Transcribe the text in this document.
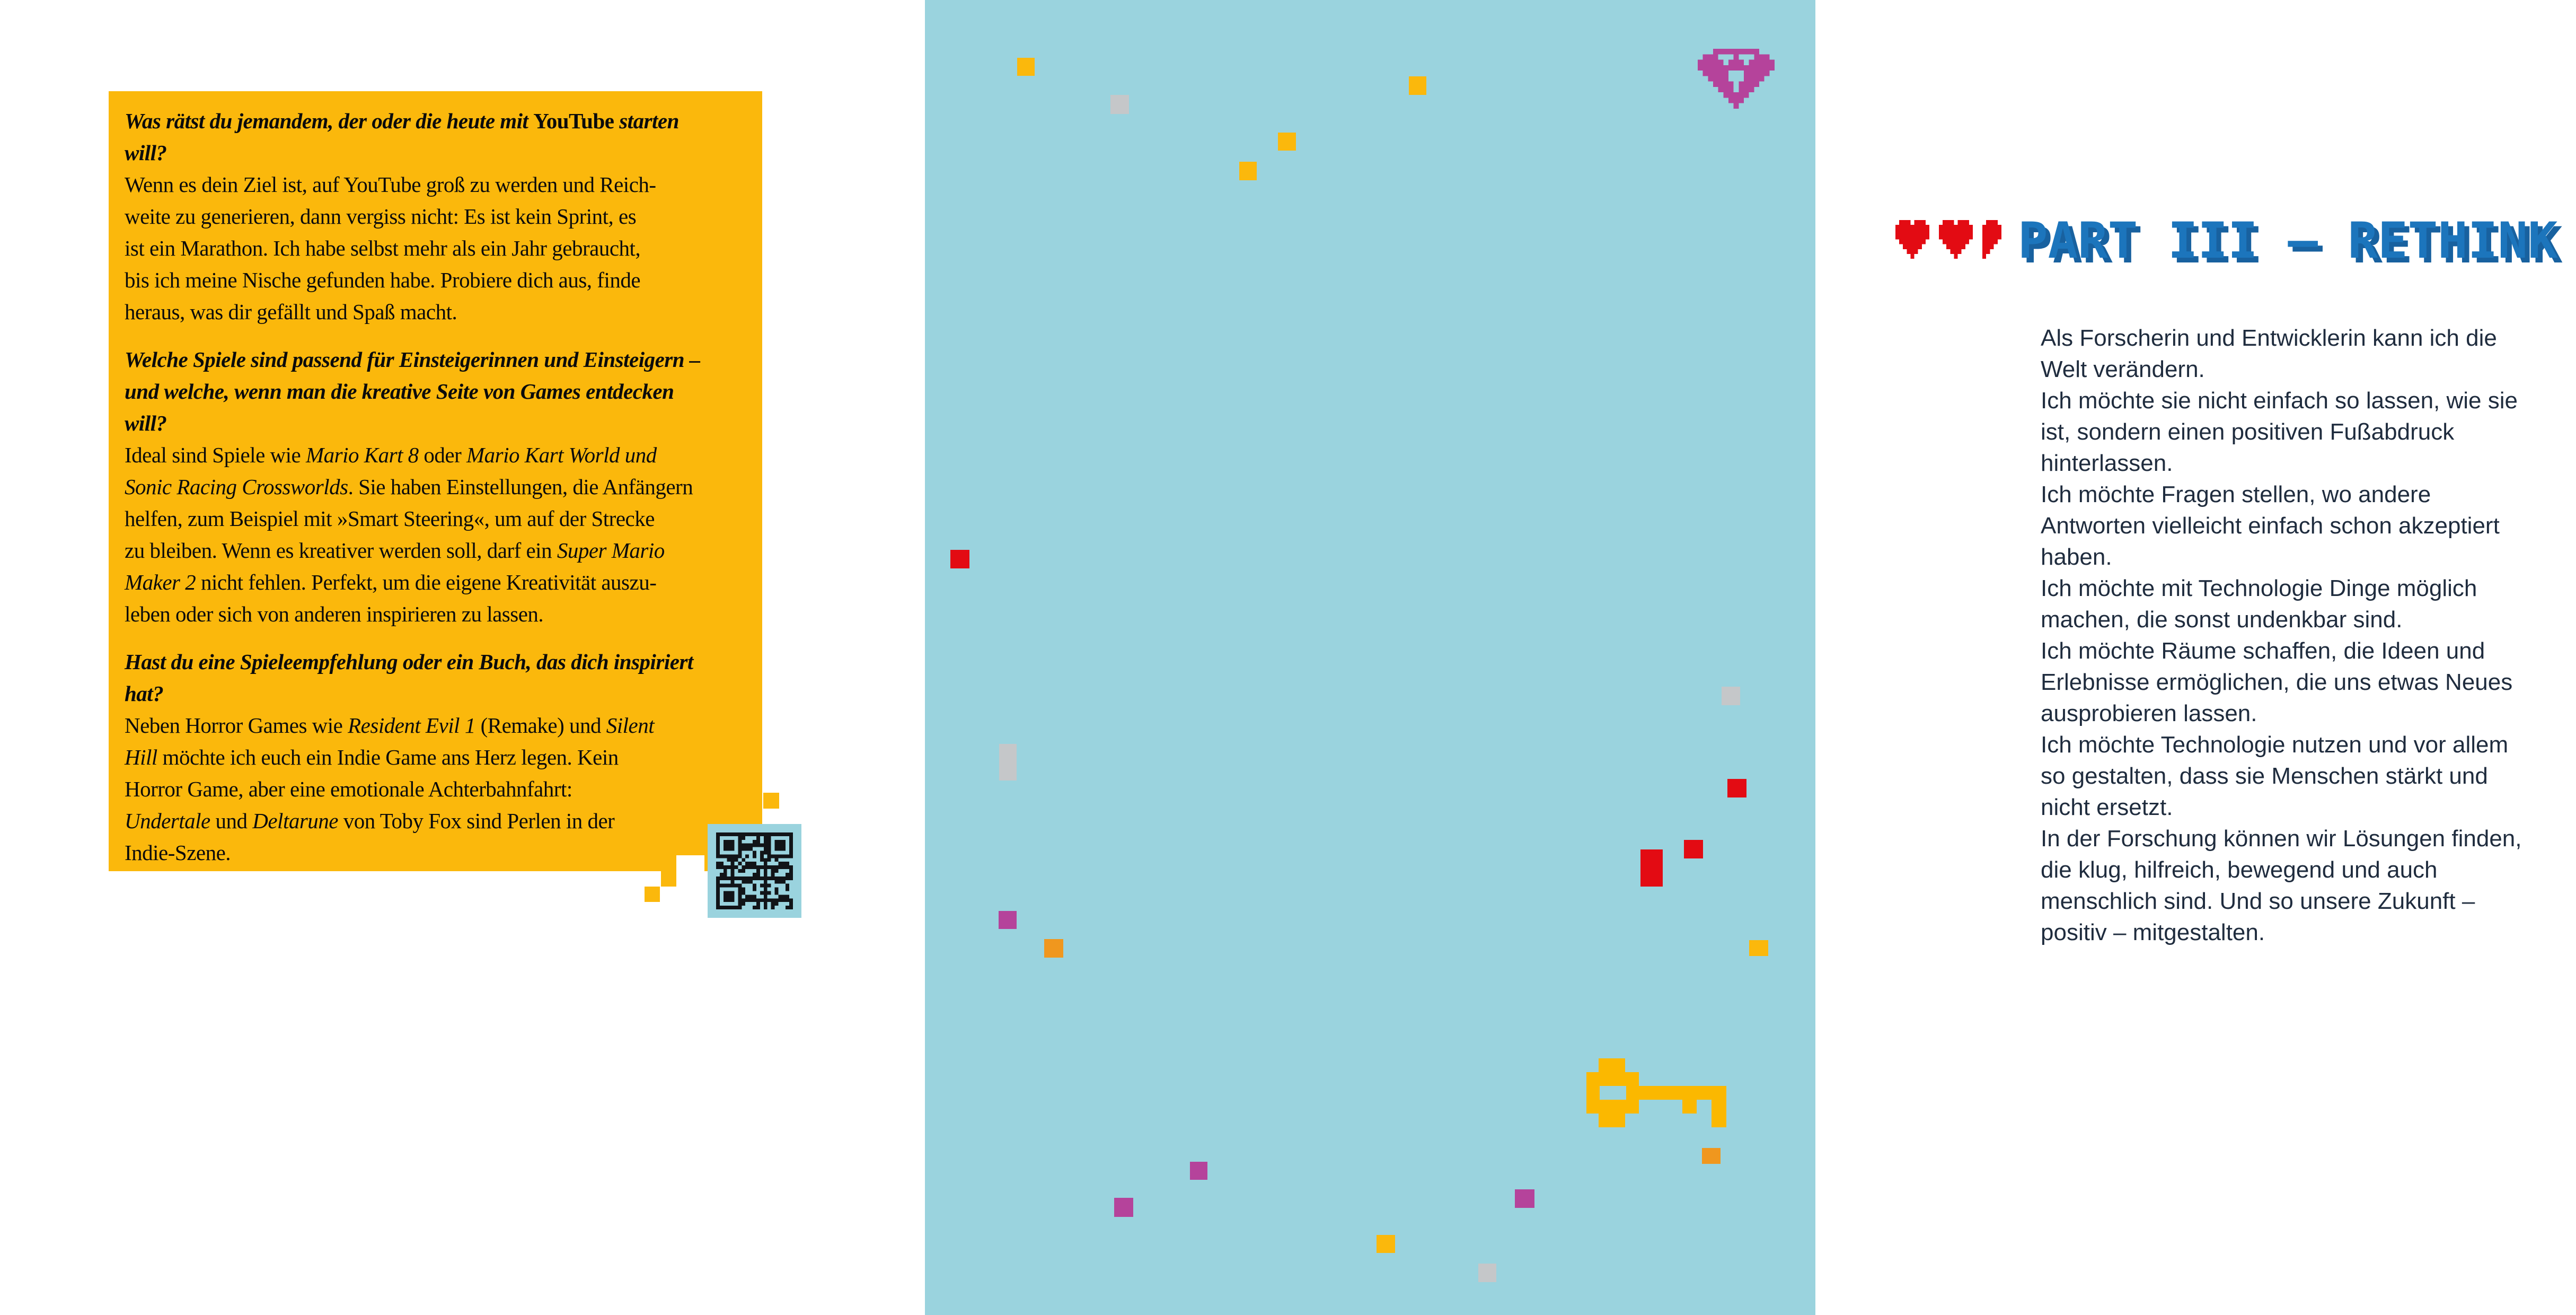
Was rätst du jemandem, der oder die heute mit YouTube starten
will?

Wenn es dein Ziel ist, auf YouTube groß zu werden und Reich-
weite zu generieren, dann vergiss nicht: Es ist kein Sprint, es
ist ein Marathon. Ich habe selbst mehr als ein Jahr gebraucht,
bis ich meine Nische gefunden habe. Probiere dich aus, finde
heraus, was dir gefällt und Spaß macht.

Welche Spiele sind passend für Einsteigerinnen und Einsteigern –
und welche, wenn man die kreative Seite von Games entdecken
will?

Ideal sind Spiele wie Mario Kart 8 oder Mario Kart World und
Sonic Racing Crossworlds. Sie haben Einstellungen, die Anfängern
helfen, zum Beispiel mit »Smart Steering«, um auf der Strecke
zu bleiben. Wenn es kreativer werden soll, darf ein Super Mario
Maker 2 nicht fehlen. Perfekt, um die eigene Kreativität auszu-
leben oder sich von anderen inspirieren zu lassen.

Hast du eine Spieleempfehlung oder ein Buch, das dich inspiriert
hat?

Neben Horror Games wie Resident Evil 1 (Remake) und Silent
Hill möchte ich euch ein Indie Game ans Herz legen. Kein
Horror Game, aber eine emotionale Achterbahnfahrt:
Undertale und Deltarune von Toby Fox sind Perlen in der
Indie-Szene.

PART III – RETHINK
Als Forscherin und Entwicklerin kann ich die
Welt verändern.
Ich möchte sie nicht einfach so lassen, wie sie
ist, sondern einen positiven Fußabdruck
hinterlassen.
Ich möchte Fragen stellen, wo andere
Antworten vielleicht einfach schon akzeptiert
haben.
Ich möchte mit Technologie Dinge möglich
machen, die sonst undenkbar sind.
Ich möchte Räume schaffen, die Ideen und
Erlebnisse ermöglichen, die uns etwas Neues
ausprobieren lassen.
Ich möchte Technologie nutzen und vor allem
so gestalten, dass sie Menschen stärkt und
nicht ersetzt.
In der Forschung können wir Lösungen finden,
die klug, hilfreich, bewegend und auch
menschlich sind. Und so unsere Zukunft –
positiv – mitgestalten.
